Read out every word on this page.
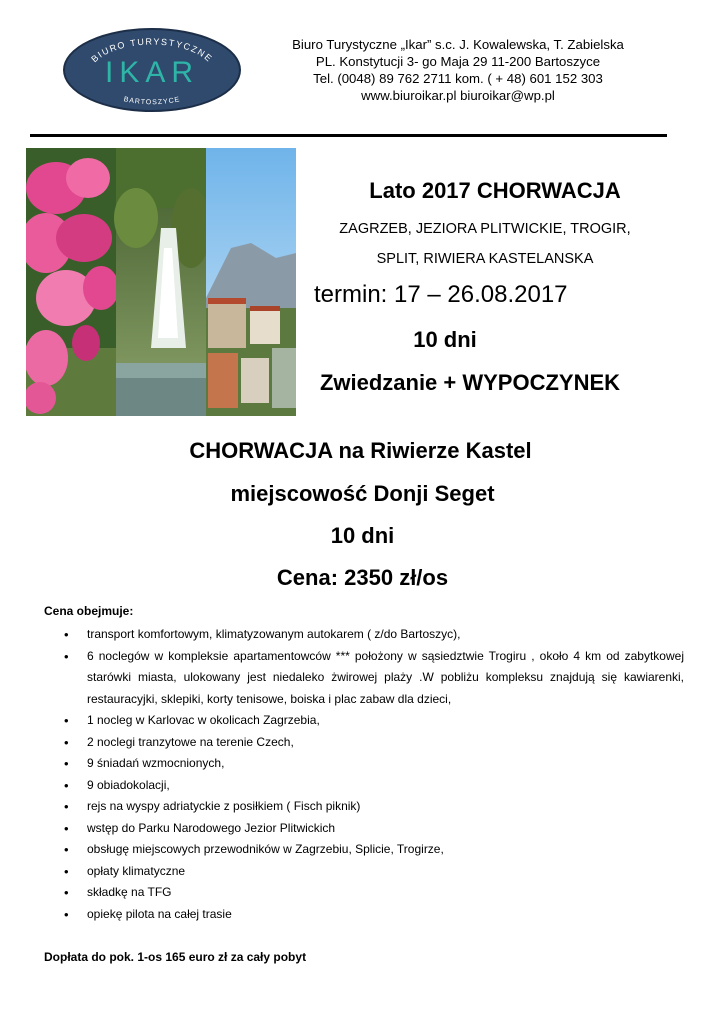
BIURO TURYSTYCZNE
IKAR
BARTOSZYCE
Biuro Turystyczne „Ikar” s.c. J. Kowalewska, T. Zabielska
PL. Konstytucji 3- go Maja 29 11-200 Bartoszyce
Tel. (0048) 89 762 2711 kom. ( + 48) 601 152 303
www.biuroikar.pl biuroikar@wp.pl
Lato 2017 CHORWACJA
ZAGRZEB, JEZIORA PLITWICKIE, TROGIR,
SPLIT, RIWIERA KASTELANSKA
termin: 17 – 26.08.2017
10 dni
Zwiedzanie + WYPOCZYNEK
CHORWACJA na Riwierze Kastel
miejscowość Donji Seget
10 dni
Cena: 2350 zł/os
Cena obejmuje:
• transport komfortowym, klimatyzowanym autokarem ( z/do Bartoszyc),
• 6 noclegów w kompleksie apartamentowców *** położony w sąsiedztwie Trogiru , około 4 km od zabytkowej starówki miasta, ulokowany jest niedaleko żwirowej plaży .W pobliżu kompleksu znajdują się kawiarenki, restauracyjki, sklepiki, korty tenisowe, boiska i plac zabaw dla dzieci,
• 1 nocleg w Karlovac w okolicach Zagrzebia,
• 2 noclegi tranzytowe na terenie Czech,
• 9 śniadań wzmocnionych,
• 9 obiadokolacji,
• rejs na wyspy adriatyckie z posiłkiem ( Fisch piknik)
• wstęp do Parku Narodowego Jezior Plitwickich
• obsługę miejscowych przewodników w Zagrzebiu, Splicie, Trogirze,
• opłaty klimatyczne
• składkę na TFG
• opiekę pilota na całej trasie
Dopłata do pok. 1-os 165 euro zł za cały pobyt
